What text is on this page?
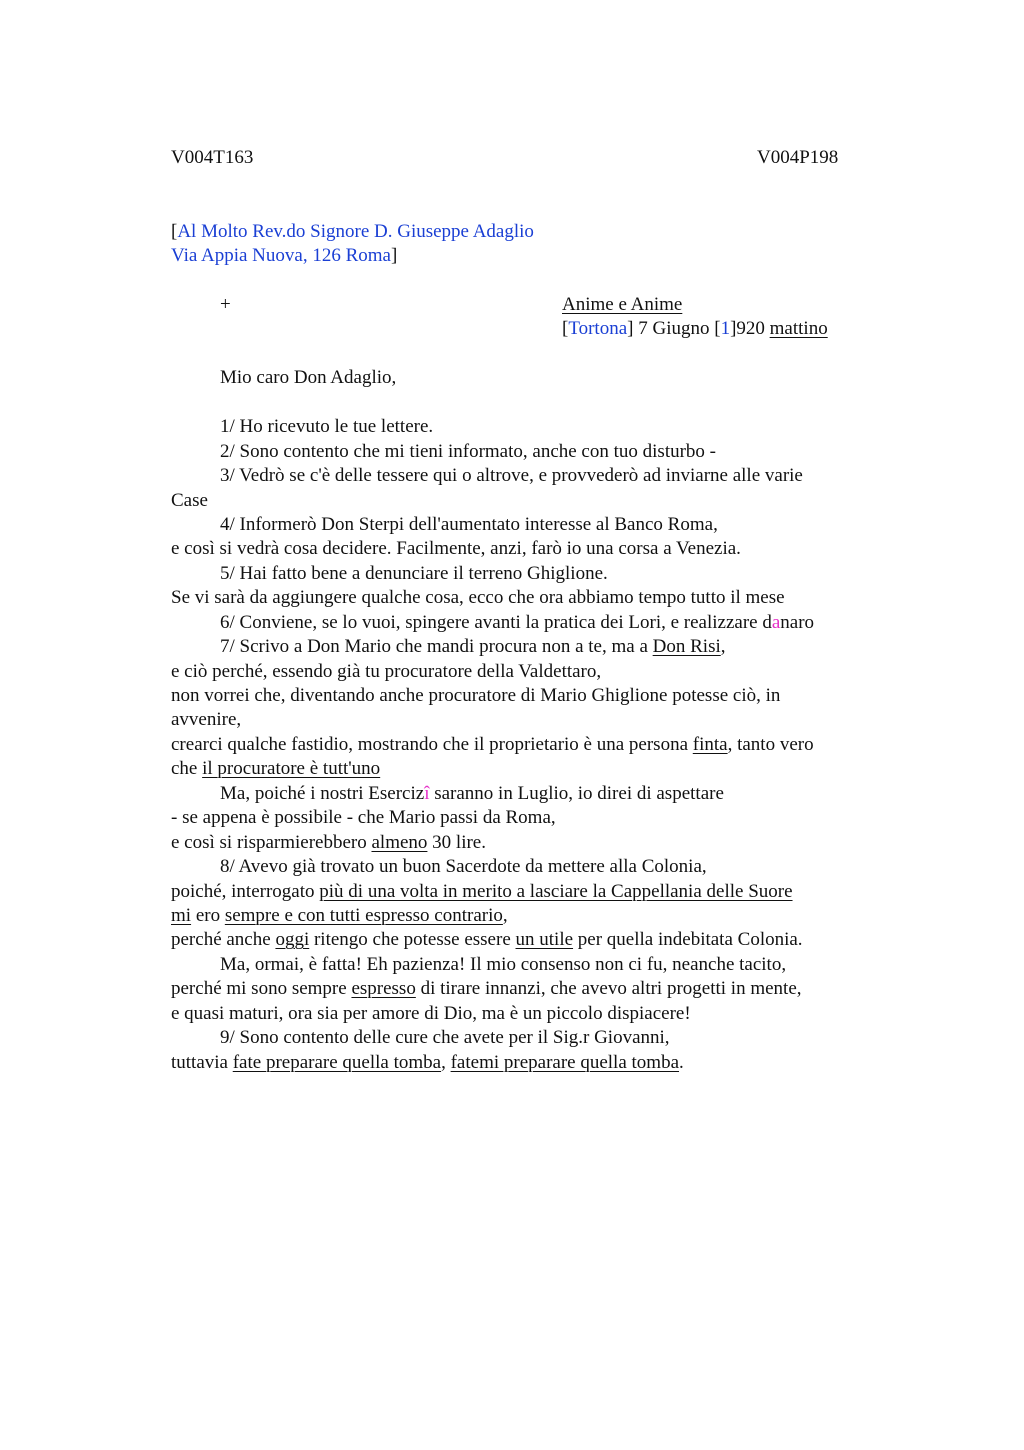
V004T163	V004P198
[Al Molto Rev.do Signore D. Giuseppe Adaglio
Via Appia Nuova, 126 Roma]
+	Anime e Anime
[Tortona] 7 Giugno [1]920 mattino
Mio caro Don Adaglio,
1/ Ho ricevuto le tue lettere.
2/ Sono contento che mi tieni informato, anche con tuo disturbo -
3/ Vedrò se c'è delle tessere qui o altrove, e provvederò ad inviarne alle varie
Case
4/ Informerò Don Sterpi dell'aumentato interesse al Banco Roma,
e così si vedrà cosa decidere. Facilmente, anzi, farò io una corsa a Venezia.
5/ Hai fatto bene a denunciare il terreno Ghiglione.
Se vi sarà da aggiungere qualche cosa, ecco che ora abbiamo tempo tutto il mese
6/ Conviene, se lo vuoi, spingere avanti la pratica dei Lori, e realizzare danaro
7/ Scrivo a Don Mario che mandi procura non a te, ma a Don Risi,
e ciò perché, essendo già tu procuratore della Valdettaro,
non vorrei che, diventando anche procuratore di Mario Ghiglione potesse ciò, in
avvenire,
crearci qualche fastidio, mostrando che il proprietario è una persona finta, tanto vero
che il procuratore è tutt'uno
Ma, poiché i nostri Esercizî saranno in Luglio, io direi di aspettare
- se appena è possibile - che Mario passi da Roma,
e così si risparmierebbero almeno 30 lire.
8/ Avevo già trovato un buon Sacerdote da mettere alla Colonia,
poiché, interrogato più di una volta in merito a lasciare la Cappellania delle Suore
mi ero sempre e con tutti espresso contrario,
perché anche oggi ritengo che potesse essere un utile per quella indebitata Colonia.
Ma, ormai, è fatta! Eh pazienza! Il mio consenso non ci fu, neanche tacito,
perché mi sono sempre espresso di tirare innanzi, che avevo altri progetti in mente,
e quasi maturi, ora sia per amore di Dio, ma è un piccolo dispiacere!
9/ Sono contento delle cure che avete per il Sig.r Giovanni,
tuttavia fate preparare quella tomba, fatemi preparare quella tomba.
